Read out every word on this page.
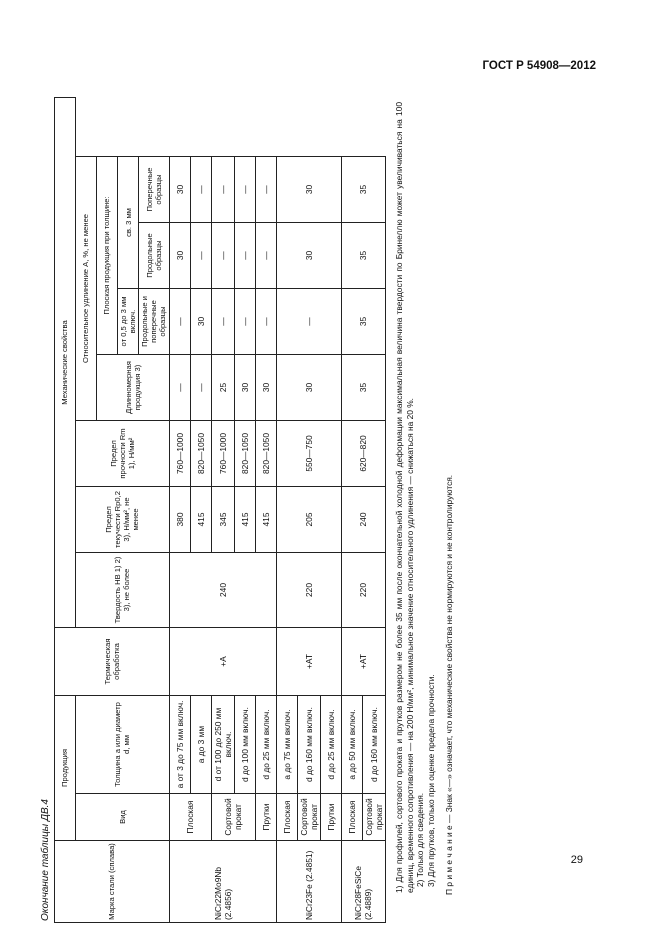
ГОСТ Р 54908—2012
Окончание таблицы ДВ.4	Марка стали (сплава)	Продукция		Термическая обработка	Механические свойства						
	Вид	Толщина a или диаметр d, мм		Твердость НВ 1) 2) 3), не более	Предел текучести Rp0,2 3), Н/мм², не менее	Предел прочности Rm 1), Н/мм²	Относительное удлинение A, %, не менее			
							Длинномерная продукция 3)	Плоская продукция при толщине:		
								от 0,5 до 3 мм включ.	св. 3 мм	
								Продольные и поперечные образцы	Продольные образцы	Поперечные образцы
NiCr22Mo9Nb (2.4856)	Плоская	a от 3 до 75 мм включ.	+A	240	380	760—1000	—	—	30	30
		a до 3 мм			415	820—1050	—	30	—	—
	Сортовой прокат	d от 100 до 250 мм включ.			345	760—1000	25	—	—	—
		d до 100 мм включ.			415	820—1050	30	—	—	—
	Прутки	d до 25 мм включ.			415	820—1050	30	—	—	—
NiCr23Fe (2.4851)	Плоская	a до 75 мм включ.	+AT	220	205	550—750	30	—	30	30
	Сортовой прокат	d до 160 мм включ.								
	Прутки	d до 25 мм включ.								
NiCr28FeSiCe (2.4889)	Плоская	a до 50 мм включ.	+AT	220	240	620—820	35	35	35	35
	Сортовой прокат	d до 160 мм включ.								1) Для профилей, сортового проката и прутков размером не более 35 мм после окончательной холодной деформации максимальная величина твердости по Бринеллю может увеличиваться на 100 единиц, временного сопротивления — на 200 Н/мм², минимальное значение относительного удлинения — снижаться на 20 %. 2) Только для сведения. 3) Для прутков, только при оценке предела прочности. П р и м е ч а н и е — Знак «—» означает, что механические свойства не нормируются и не контролируются.	29
